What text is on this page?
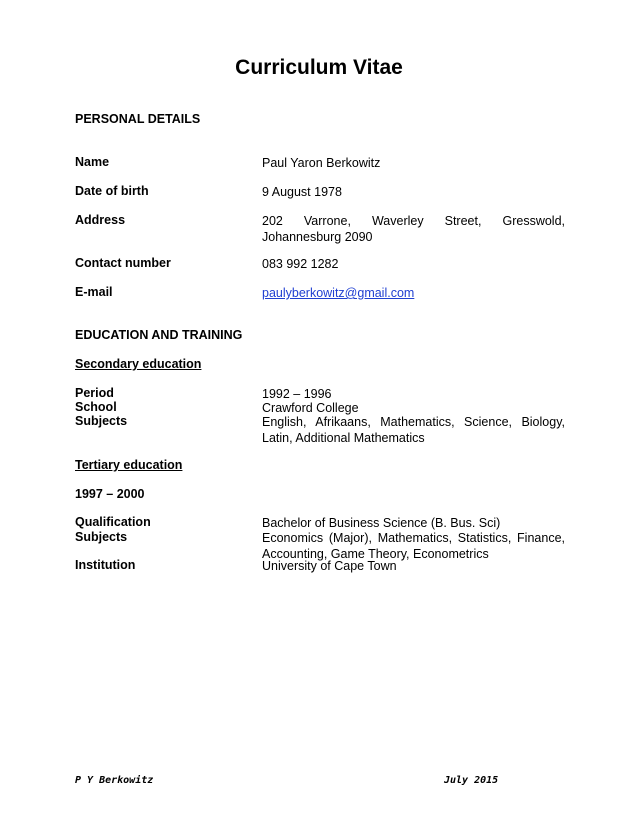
Curriculum Vitae
PERSONAL DETAILS
Name	Paul Yaron Berkowitz
Date of birth	9 August 1978
Address	202 Varrone, Waverley Street, Gresswold, Johannesburg 2090
Contact number	083 992 1282
E-mail	paulyberkowitz@gmail.com
EDUCATION AND TRAINING
Secondary education
Period	1992 – 1996
School	Crawford College
Subjects	English, Afrikaans, Mathematics, Science, Biology, Latin, Additional Mathematics
Tertiary education
1997 – 2000
Qualification	Bachelor of Business Science (B. Bus. Sci)
Subjects	Economics (Major), Mathematics, Statistics, Finance, Accounting, Game Theory, Econometrics
Institution	University of Cape Town
P Y Berkowitz	July 2015
